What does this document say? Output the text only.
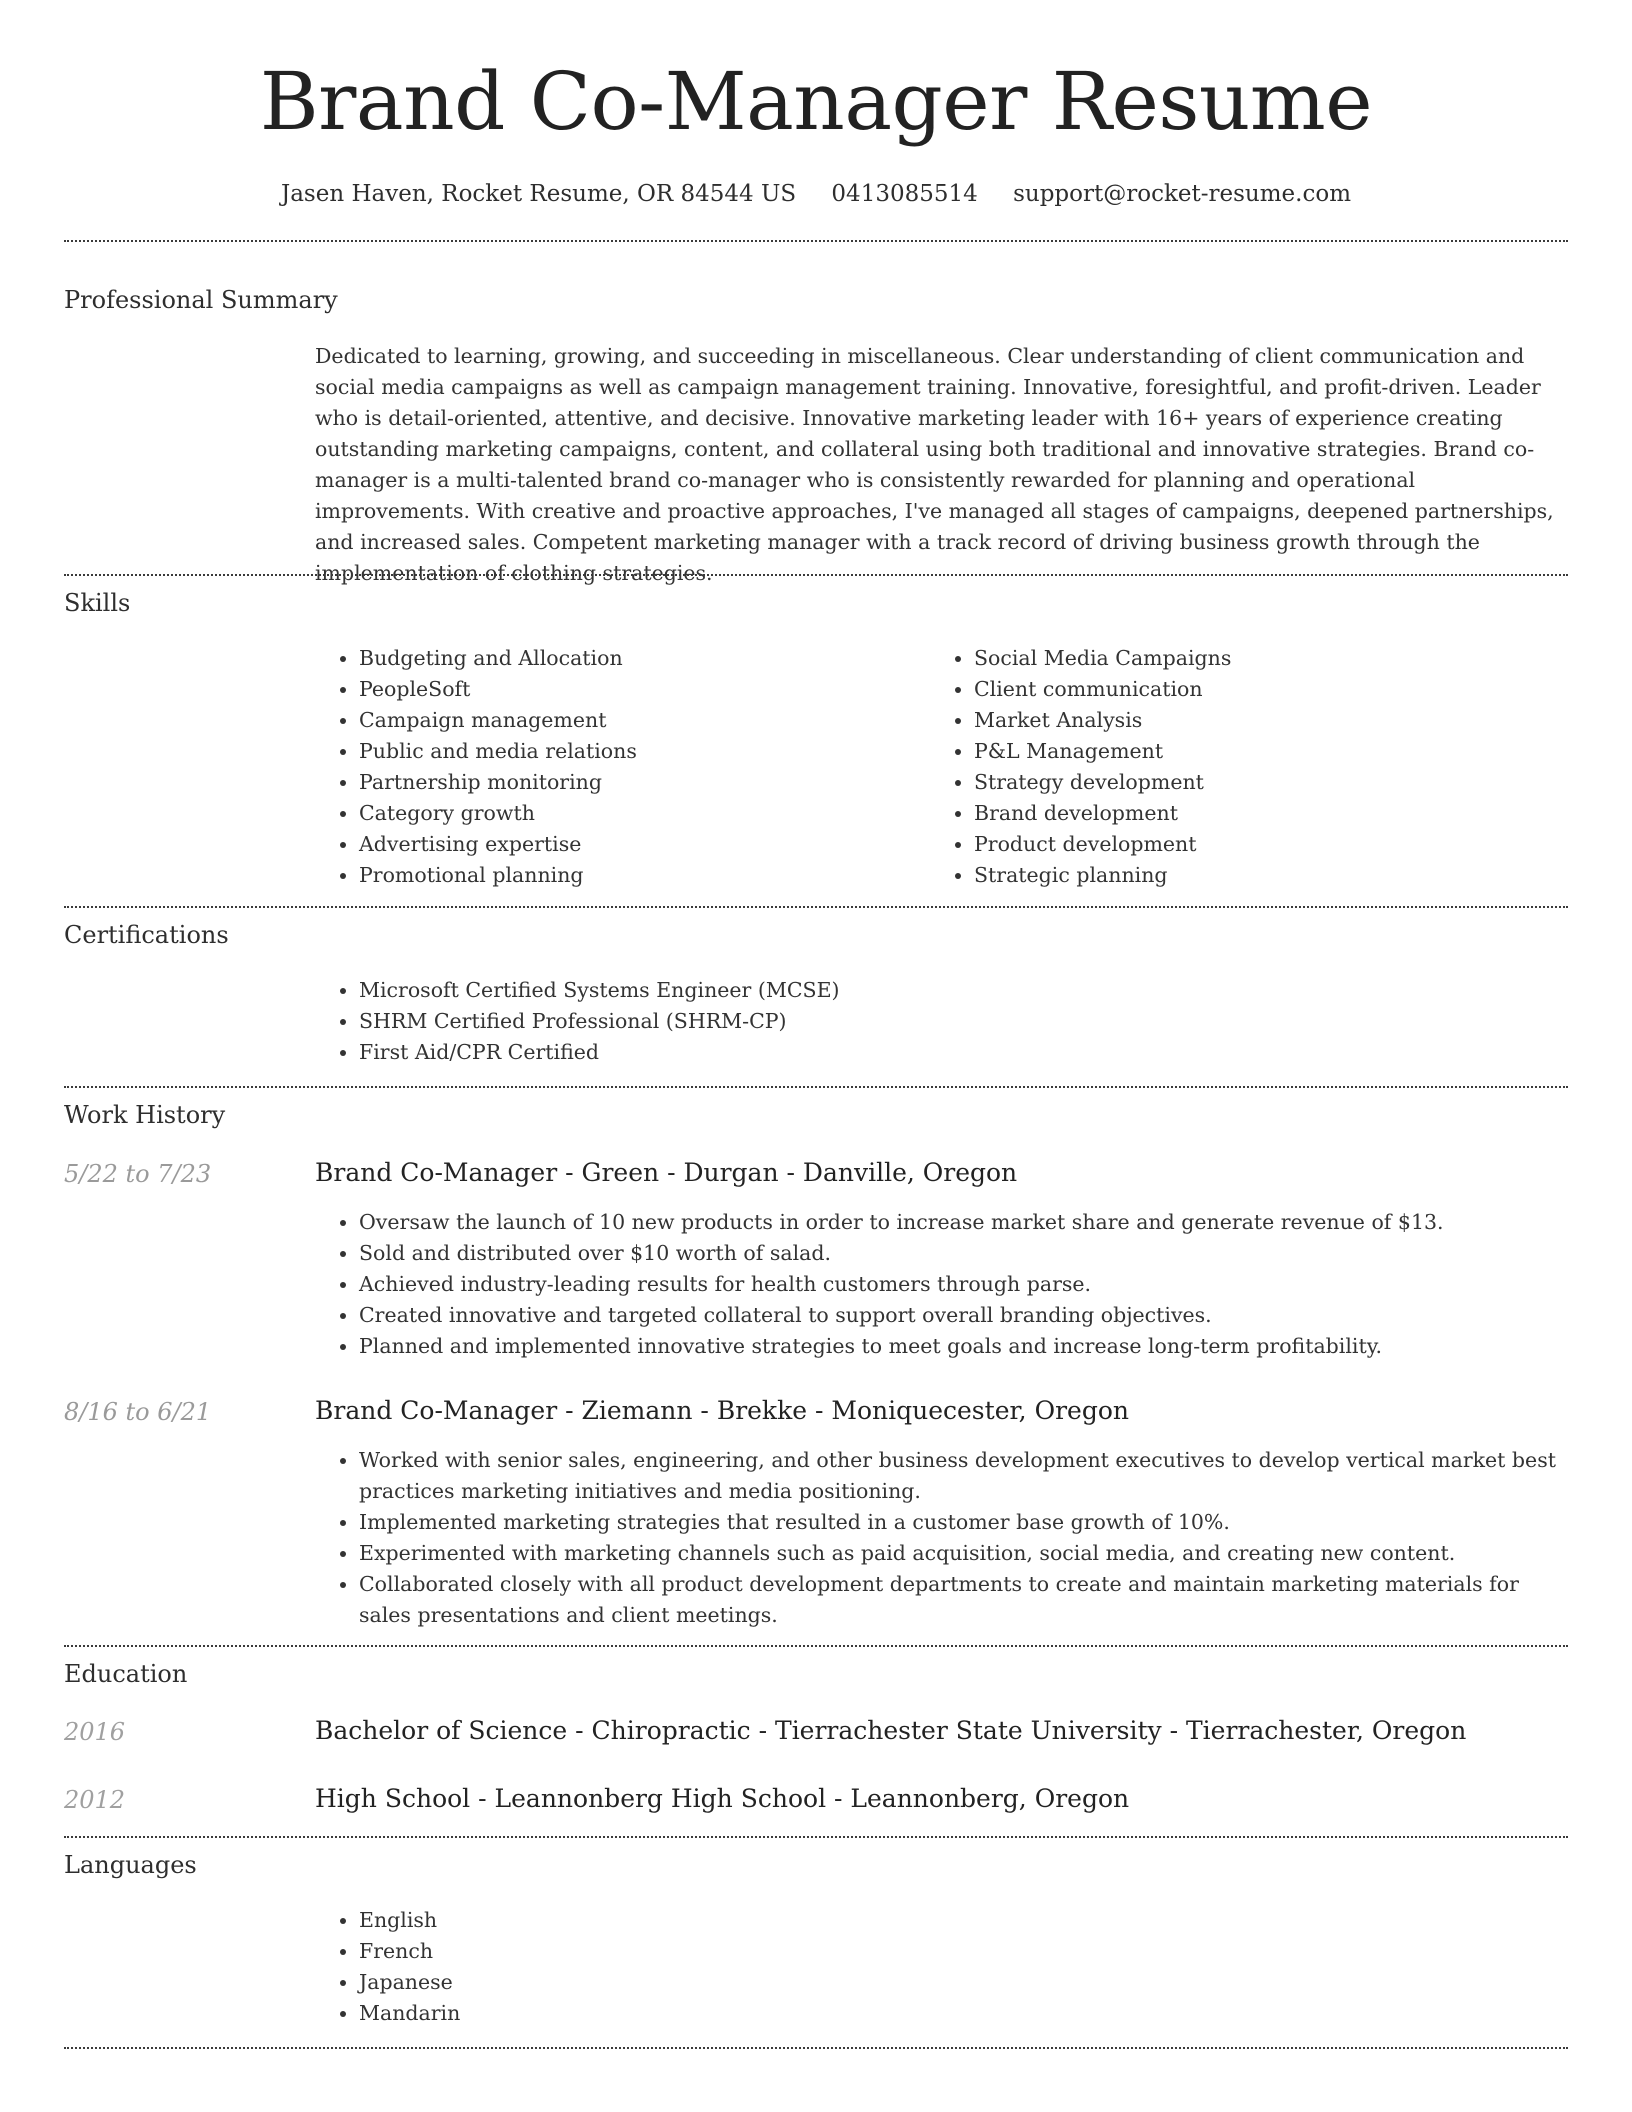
Brand Co-Manager Resume
Jasen Haven, Rocket Resume, OR 84544 US 0413085514 support@rocket-resume.com
Professional Summary

Dedicated to learning, growing, and succeeding in miscellaneous. Clear understanding of client communication and social media campaigns as well as campaign management training. Innovative, foresightful, and profit-driven. Leader who is detail-oriented, attentive, and decisive. Innovative marketing leader with 16+ years of experience creating outstanding marketing campaigns, content, and collateral using both traditional and innovative strategies. Brand co-manager is a multi-talented brand co-manager who is consistently rewarded for planning and operational improvements. With creative and proactive approaches, I've managed all stages of campaigns, deepened partnerships, and increased sales. Competent marketing manager with a track record of driving business growth through the implementation of clothing strategies.

Skills
• Budgeting and Allocation
• PeopleSoft
• Campaign management
• Public and media relations
• Partnership monitoring
• Category growth
• Advertising expertise
• Promotional planning
• Social Media Campaigns
• Client communication
• Market Analysis
• P&L Management
• Strategy development
• Brand development
• Product development
• Strategic planning
Certifications
• Microsoft Certified Systems Engineer (MCSE)
• SHRM Certified Professional (SHRM-CP)
• First Aid/CPR Certified
Work History
5/22 to 7/23	Brand Co-Manager - Green - Durgan - Danville, Oregon
• Oversaw the launch of 10 new products in order to increase market share and generate revenue of $13.
• Sold and distributed over $10 worth of salad.
• Achieved industry-leading results for health customers through parse.
• Created innovative and targeted collateral to support overall branding objectives.
• Planned and implemented innovative strategies to meet goals and increase long-term profitability.
8/16 to 6/21	Brand Co-Manager - Ziemann - Brekke - Moniquecester, Oregon
• Worked with senior sales, engineering, and other business development executives to develop vertical market best practices marketing initiatives and media positioning.
• Implemented marketing strategies that resulted in a customer base growth of 10%.
• Experimented with marketing channels such as paid acquisition, social media, and creating new content.
• Collaborated closely with all product development departments to create and maintain marketing materials for sales presentations and client meetings.
Education
2016	Bachelor of Science - Chiropractic - Tierrachester State University - Tierrachester, Oregon
2012	High School - Leannonberg High School - Leannonberg, Oregon
Languages
• English
• French
• Japanese
• Mandarin
